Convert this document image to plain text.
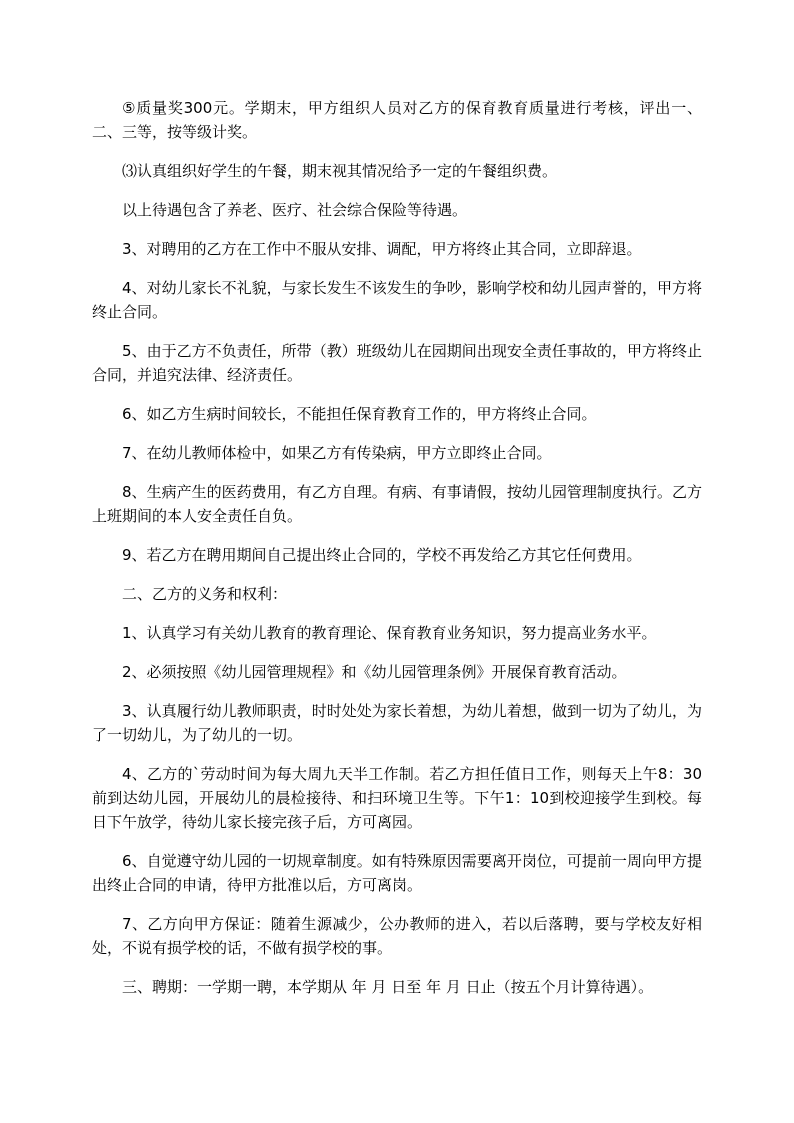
⑤质量奖300元。学期末，甲方组织人员对乙方的保育教育质量进行考核，评出一、二、三等，按等级计奖。

⑶认真组织好学生的午餐，期末视其情况给予一定的午餐组织费。

以上待遇包含了养老、医疗、社会综合保险等待遇。

3、对聘用的乙方在工作中不服从安排、调配，甲方将终止其合同，立即辞退。

4、对幼儿家长不礼貌，与家长发生不该发生的争吵，影响学校和幼儿园声誉的，甲方将终止合同。

5、由于乙方不负责任，所带（教）班级幼儿在园期间出现安全责任事故的，甲方将终止合同，并追究法律、经济责任。

6、如乙方生病时间较长，不能担任保育教育工作的，甲方将终止合同。

7、在幼儿教师体检中，如果乙方有传染病，甲方立即终止合同。

8、生病产生的医药费用，有乙方自理。有病、有事请假，按幼儿园管理制度执行。乙方上班期间的本人安全责任自负。

9、若乙方在聘用期间自己提出终止合同的，学校不再发给乙方其它任何费用。

二、乙方的义务和权利：

1、认真学习有关幼儿教育的教育理论、保育教育业务知识，努力提高业务水平。

2、必须按照《幼儿园管理规程》和《幼儿园管理条例》开展保育教育活动。

3、认真履行幼儿教师职责，时时处处为家长着想，为幼儿着想，做到一切为了幼儿，为了一切幼儿，为了幼儿的一切。

4、乙方的`劳动时间为每大周九天半工作制。若乙方担任值日工作，则每天上午8：30前到达幼儿园，开展幼儿的晨检接待、和扫环境卫生等。下午1：10到校迎接学生到校。每日下午放学，待幼儿家长接完孩子后，方可离园。

6、自觉遵守幼儿园的一切规章制度。如有特殊原因需要离开岗位，可提前一周向甲方提出终止合同的申请，待甲方批准以后，方可离岗。

7、乙方向甲方保证：随着生源减少，公办教师的进入，若以后落聘，要与学校友好相处，不说有损学校的话，不做有损学校的事。

三、聘期：一学期一聘，本学期从 年 月 日至 年 月 日止（按五个月计算待遇）。
